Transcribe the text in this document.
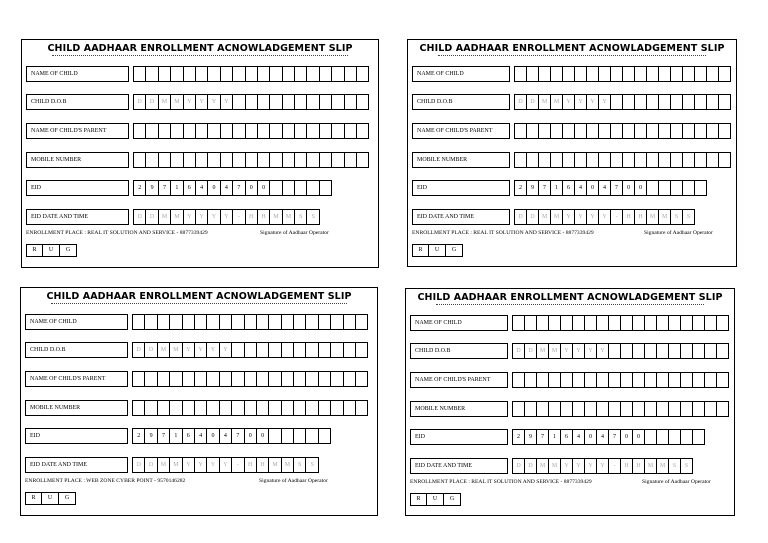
CHILD AADHAAR ENROLLMENT ACNOWLADGEMENT SLIP
NAME OF CHILD
CHILD D.O.B	D	D	M	M	Y	Y	Y	Y
NAME OF CHILD'S PARENT
MOBILE NUMBER
EID	2	9	7	1	6	4	0	4	7	0	0
EID DATE AND TIME	D	D	M	M	Y	Y	Y	Y	-	H	H	M	M	S	S
ENROLLMENT PLACE : REAL IT SOLUTION AND SERVICE - 8877339429	Signature of Aadhaar Operator
R	U	G
CHILD AADHAAR ENROLLMENT ACNOWLADGEMENT SLIP
NAME OF CHILD
CHILD D.O.B	D	D	M	M	Y	Y	Y	Y
NAME OF CHILD'S PARENT
MOBILE NUMBER
EID	2	9	7	1	6	4	0	4	7	0	0
EID DATE AND TIME	D	D	M	M	Y	Y	Y	Y	-	H	H	M	M	S	S
ENROLLMENT PLACE : REAL IT SOLUTION AND SERVICE - 8877339429	Signature of Aadhaar Operator
R	U	G
CHILD AADHAAR ENROLLMENT ACNOWLADGEMENT SLIP
NAME OF CHILD
CHILD D.O.B	D	D	M	M	Y	Y	Y	Y
NAME OF CHILD'S PARENT
MOBILE NUMBER
EID	2	9	7	1	6	4	0	4	7	0	0
EID DATE AND TIME	D	D	M	M	Y	Y	Y	Y	-	H	H	M	M	S	S
ENROLLMENT PLACE : WEB ZONE CYBER POINT - 9570146282	Signature of Aadhaar Operator
R	U	G
CHILD AADHAAR ENROLLMENT ACNOWLADGEMENT SLIP
NAME OF CHILD
CHILD D.O.B	D	D	M	M	Y	Y	Y	Y
NAME OF CHILD'S PARENT
MOBILE NUMBER
EID	2	9	7	1	6	4	0	4	7	0	0
EID DATE AND TIME	D	D	M	M	Y	Y	Y	Y	-	H	H	M	M	S	S
ENROLLMENT PLACE : REAL IT SOLUTION AND SERVICE - 8877339429	Signature of Aadhaar Operator
R	U	G
